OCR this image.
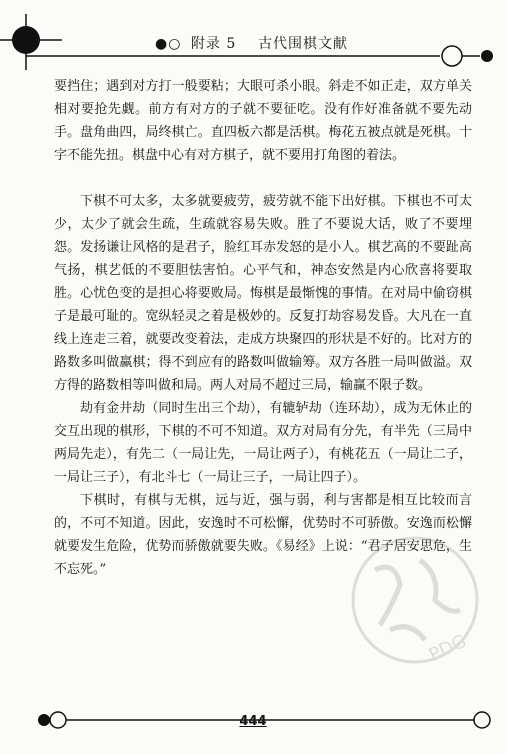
●○ 附录 5 古代围棋文献

要挡住；遇到对方打一般要粘；大眼可杀小眼。斜走不如正走，双方单关相对要抢先觑。前方有对方的子就不要征吃。没有作好准备就不要先动手。盘角曲四，局终棋亡。直四板六都是活棋。梅花五被点就是死棋。十字不能先扭。棋盘中心有对方棋子，就不要用打角图的着法。

下棋不可太多，太多就要疲劳，疲劳就不能下出好棋。下棋也不可太少，太少了就会生疏，生疏就容易失败。胜了不要说大话，败了不要埋怨。发扬谦让风格的是君子，脸红耳赤发怒的是小人。棋艺高的不要趾高气扬，棋艺低的不要胆怯害怕。心平气和，神态安然是内心欣喜将要取胜。心忧色变的是担心将要败局。悔棋是最惭愧的事情。在对局中偷窃棋子是最可耻的。宽纵轻灵之着是极妙的。反复打劫容易发昏。大凡在一直线上连走三着，就要改变着法，走成方块聚四的形状是不好的。比对方的路数多叫做赢棋；得不到应有的路数叫做输筹。双方各胜一局叫做溢。双方得的路数相等叫做和局。两人对局不超过三局，输赢不限子数。

劫有金井劫（同时生出三个劫），有辘轳劫（连环劫），成为无休止的交互出现的棋形，下棋的不可不知道。双方对局有分先，有半先（三局中两局先走），有先二（一局让先，一局让两子），有桃花五（一局让二子，一局让三子），有北斗七（一局让三子，一局让四子）。

下棋时，有棋与无棋，远与近，强与弱，利与害都是相互比较而言的，不可不知道。因此，安逸时不可松懈，优势时不可骄傲。安逸而松懈就要发生危险，优势而骄傲就要失败。《易经》上说：“君子居安思危，生不忘死。”

PDG
444
